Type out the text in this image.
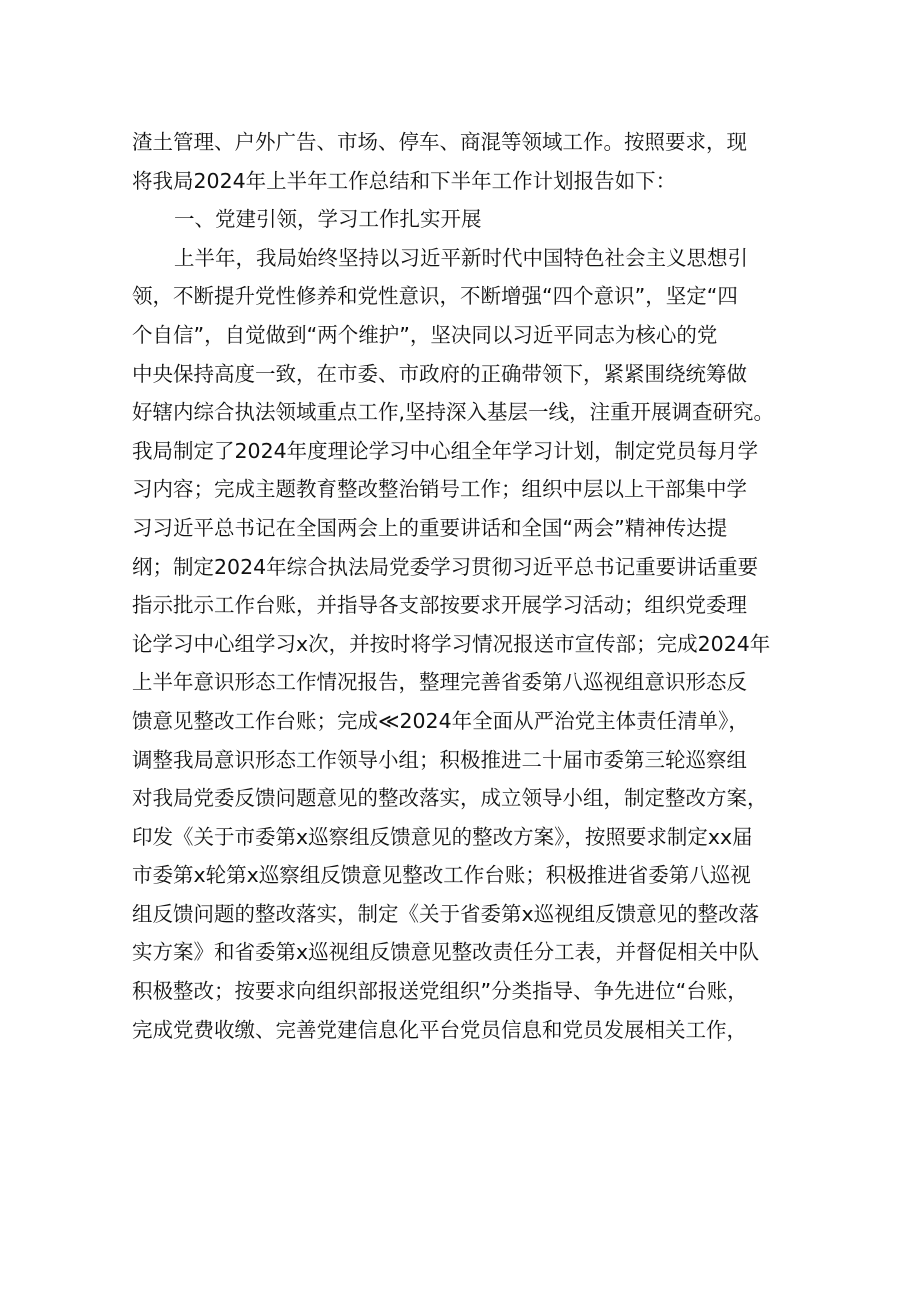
渣土管理、户外广告、市场、停车、商混等领域工作。按照要求，现
将我局2024年上半年工作总结和下半年工作计划报告如下：
一、党建引领，学习工作扎实开展
上半年，我局始终坚持以习近平新时代中国特色社会主义思想引
领，不断提升党性修养和党性意识，不断增强“四个意识”，坚定“四
个自信”，自觉做到“两个维护”，坚决同以习近平同志为核心的党
中央保持高度一致，在市委、市政府的正确带领下，紧紧围绕统筹做
好辖内综合执法领域重点工作,坚持深入基层一线，注重开展调查研究。
我局制定了2024年度理论学习中心组全年学习计划，制定党员每月学
习内容；完成主题教育整改整治销号工作；组织中层以上干部集中学
习习近平总书记在全国两会上的重要讲话和全国“两会”精神传达提
纲；制定2024年综合执法局党委学习贯彻习近平总书记重要讲话重要
指示批示工作台账，并指导各支部按要求开展学习活动；组织党委理
论学习中心组学习x次，并按时将学习情况报送市宣传部；完成2024年
上半年意识形态工作情况报告，整理完善省委第八巡视组意识形态反
馈意见整改工作台账；完成≪2024年全面从严治党主体责任清单》，
调整我局意识形态工作领导小组；积极推进二十届市委第三轮巡察组
对我局党委反馈问题意见的整改落实，成立领导小组，制定整改方案，
印发《关于市委第x巡察组反馈意见的整改方案》，按照要求制定xx届
市委第x轮第x巡察组反馈意见整改工作台账；积极推进省委第八巡视
组反馈问题的整改落实，制定《关于省委第x巡视组反馈意见的整改落
实方案》和省委第x巡视组反馈意见整改责任分工表，并督促相关中队
积极整改；按要求向组织部报送党组织”分类指导、争先进位“台账，
完成党费收缴、完善党建信息化平台党员信息和党员发展相关工作，
